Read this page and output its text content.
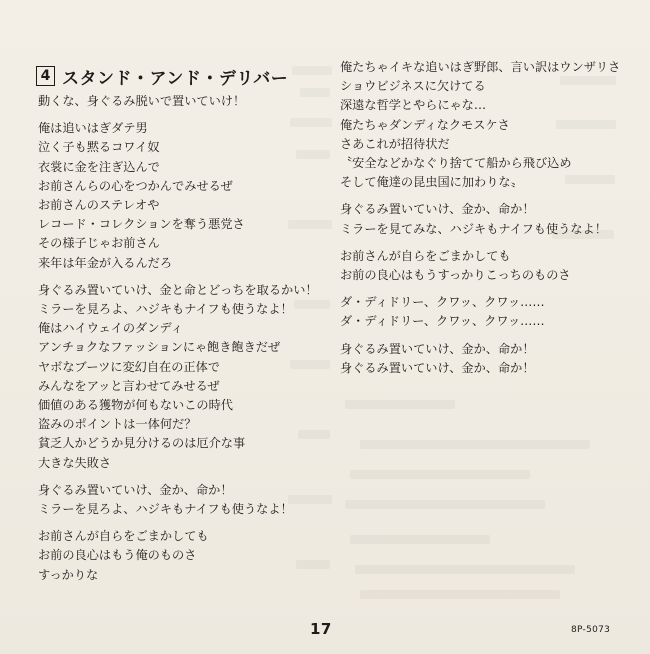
4 スタンド・アンド・デリバー
動くな、身ぐるみ脱いで置いていけ！
俺は追いはぎダテ男
泣く子も黙るコワイ奴
衣裳に金を注ぎ込んで
お前さんらの心をつかんでみせるぜ
お前さんのステレオや
レコード・コレクションを奪う悪党さ
その様子じゃお前さん
来年は年金が入るんだろ
身ぐるみ置いていけ、金と命とどっちを取るかい！
ミラーを見ろよ、ハジキもナイフも使うなよ！
俺はハイウェイのダンディ
アンチョクなファッションにゃ飽き飽きだぜ
ヤボなブーツに変幻自在の正体で
みんなをアッと言わせてみせるぜ
価値のある獲物が何もないこの時代
盗みのポイントは一体何だ？
貧乏人かどうか見分けるのは厄介な事
大きな失敗さ
身ぐるみ置いていけ、金か、命か！
ミラーを見ろよ、ハジキもナイフも使うなよ！
お前さんが自らをごまかしても
お前の良心はもう俺のものさ
すっかりな
俺たちゃイキな追いはぎ野郎、言い訳はウンザリさ
ショウビジネスに欠けてる
深遠な哲学とやらにゃな…
俺たちゃダンディなクモスケさ
さあこれが招待状だ
〝安全などかなぐり捨てて船から飛び込め
そして俺達の昆虫国に加わりな〟
身ぐるみ置いていけ、金か、命か！
ミラーを見てみな、ハジキもナイフも使うなよ！
お前さんが自らをごまかしても
お前の良心はもうすっかりこっちのものさ
ダ・ディドリー、クワッ、クワッ……
ダ・ディドリー、クワッ、クワッ……
身ぐるみ置いていけ、金か、命か！
身ぐるみ置いていけ、金か、命か！
17	8P-5073
